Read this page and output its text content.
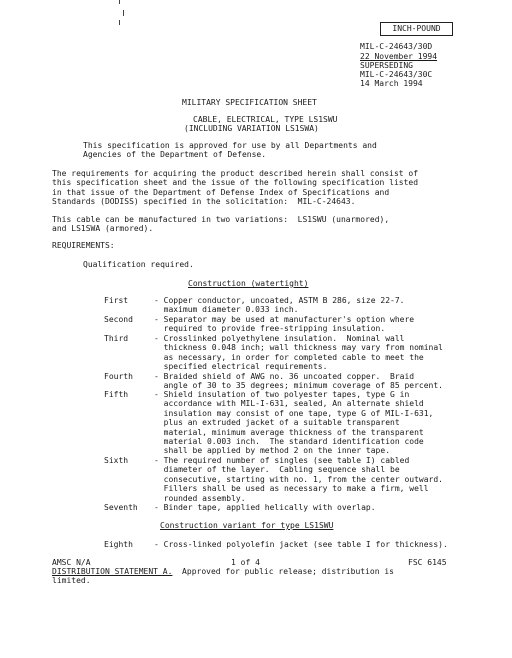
INCH-POUND
MIL-C-24643/30D
22 November 1994
SUPERSEDING
MIL-C-24643/30C
14 March 1994
MILITARY SPECIFICATION SHEET
CABLE, ELECTRICAL, TYPE LS1SWU
(INCLUDING VARIATION LS1SWA)
This specification is approved for use by all Departments and
Agencies of the Department of Defense.
The requirements for acquiring the product described herein shall consist of
this specification sheet and the issue of the following specification listed
in that issue of the Department of Defense Index of Specifications and
Standards (DODISS) specified in the solicitation:  MIL-C-24643.
This cable can be manufactured in two variations:  LS1SWU (unarmored),
and LS1SWA (armored).
REQUIREMENTS:
Qualification required.
Construction (watertight)
First	- Copper conductor, uncoated, ASTM B 286, size 22-7.
maximum diameter 0.033 inch.
Second	- Separator may be used at manufacturer's option where
required to provide free-stripping insulation.
Third	- Crosslinked polyethylene insulation.  Nominal wall
thickness 0.048 inch; wall thickness may vary from nominal
as necessary, in order for completed cable to meet the
specified electrical requirements.
Fourth	- Braided shield of AWG no. 36 uncoated copper.  Braid
angle of 30 to 35 degrees; minimum coverage of 85 percent.
Fifth	- Shield insulation of two polyester tapes, type G in
accordance with MIL-I-631, sealed, An alternate shield
insulation may consist of one tape, type G of MIL-I-631,
plus an extruded jacket of a suitable transparent
material, minimum average thickness of the transparent
material 0.003 inch.  The standard identification code
shall be applied by method 2 on the inner tape.
Sixth	- The required number of singles (see table I) cabled
diameter of the layer.  Cabling sequence shall be
consecutive, starting with no. 1, from the center outward.
Fillers shall be used as necessary to make a firm, well
rounded assembly.
Seventh	- Binder tape, applied helically with overlap.
Construction variant for type LS1SWU
Eighth	- Cross-linked polyolefin jacket (see table I for thickness).
AMSC N/A	1 of 4	FSC 6145
DISTRIBUTION STATEMENT A.  Approved for public release; distribution is
limited.
